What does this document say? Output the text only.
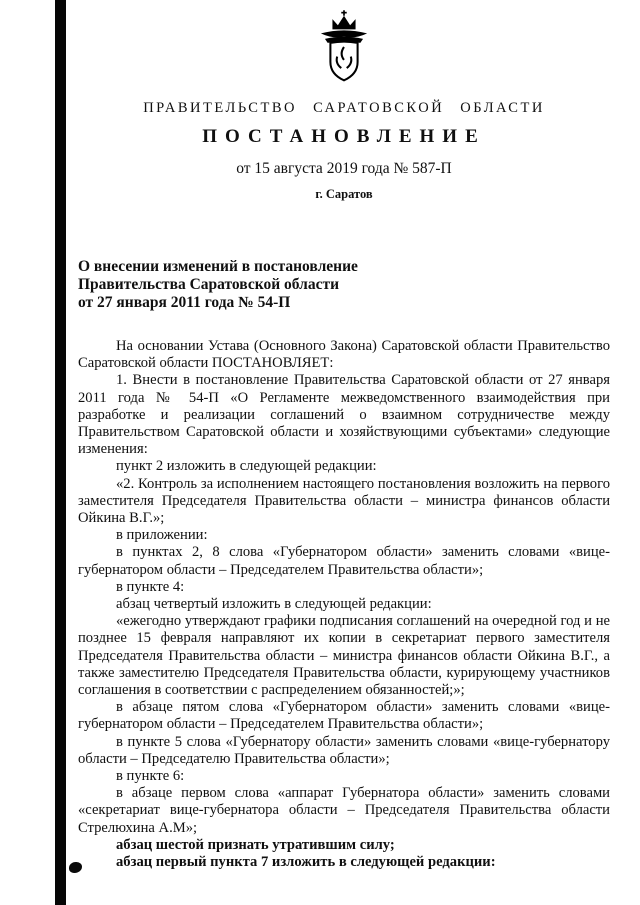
ПРАВИТЕЛЬСТВО САРАТОВСКОЙ ОБЛАСТИ
ПОСТАНОВЛЕНИЕ
от 15 августа 2019 года № 587-П
г. Саратов
О внесении изменений в постановление
Правительства Саратовской области
от 27 января 2011 года № 54-П

На основании Устава (Основного Закона) Саратовской области Правительство Саратовской области ПОСТАНОВЛЯЕТ:

1. Внести в постановление Правительства Саратовской области от 27 января 2011 года № 54-П «О Регламенте межведомственного взаимодействия при разработке и реализации соглашений о взаимном сотрудничестве между Правительством Саратовской области и хозяйствующими субъектами» следующие изменения:

пункт 2 изложить в следующей редакции:

«2. Контроль за исполнением настоящего постановления возложить на первого заместителя Председателя Правительства области – министра финансов области Ойкина В.Г.»;

в приложении:

в пунктах 2, 8 слова «Губернатором области» заменить словами «вице-губернатором области – Председателем Правительства области»;

в пункте 4:

абзац четвертый изложить в следующей редакции:

«ежегодно утверждают графики подписания соглашений на очередной год и не позднее 15 февраля направляют их копии в секретариат первого заместителя Председателя Правительства области – министра финансов области Ойкина В.Г., а также заместителю Председателя Правительства области, курирующему участников соглашения в соответствии с распределением обязанностей;»;

в абзаце пятом слова «Губернатором области» заменить словами «вице-губернатором области – Председателем Правительства области»;

в пункте 5 слова «Губернатору области» заменить словами «вице-губернатору области – Председателю Правительства области»;

в пункте 6:

в абзаце первом слова «аппарат Губернатора области» заменить словами «секретариат вице-губернатора области – Председателя Правительства области Стрелюхина А.М»;

абзац шестой признать утратившим силу;

абзац первый пункта 7 изложить в следующей редакции:
